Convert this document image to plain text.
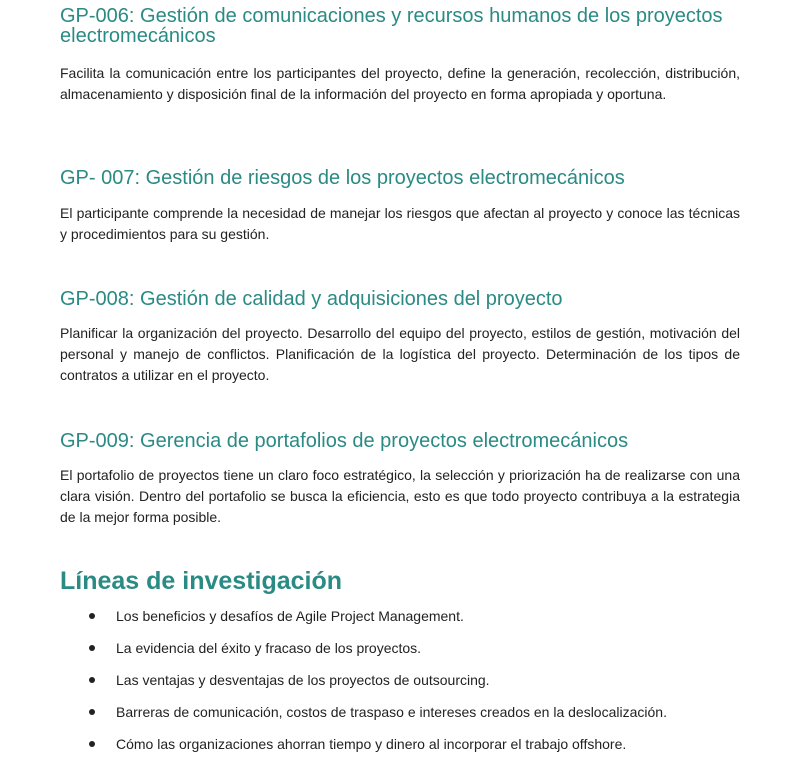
GP-006: Gestión de comunicaciones y recursos humanos de los proyectos electromecánicos

Facilita la comunicación entre los participantes del proyecto, define la generación, recolección, distribución, almacenamiento y disposición final de la información del proyecto en forma apropiada y oportuna.

GP- 007: Gestión de riesgos de los proyectos electromecánicos

El participante comprende la necesidad de manejar los riesgos que afectan al proyecto y conoce las técnicas y procedimientos para su gestión.

GP-008: Gestión de calidad y adquisiciones del proyecto

Planificar la organización del proyecto. Desarrollo del equipo del proyecto, estilos de gestión, motivación del personal y manejo de conflictos. Planificación de la logística del proyecto. Determinación de los tipos de contratos a utilizar en el proyecto.

GP-009: Gerencia de portafolios de proyectos electromecánicos

El portafolio de proyectos tiene un claro foco estratégico, la selección y priorización ha de realizarse con una clara visión. Dentro del portafolio se busca la eficiencia, esto es que todo proyecto contribuya a la estrategia de la mejor forma posible.

Líneas de investigación
Los beneficios y desafíos de Agile Project Management.
La evidencia del éxito y fracaso de los proyectos.
Las ventajas y desventajas de los proyectos de outsourcing.
Barreras de comunicación, costos de traspaso e intereses creados en la deslocalización.
Cómo las organizaciones ahorran tiempo y dinero al incorporar el trabajo offshore.
